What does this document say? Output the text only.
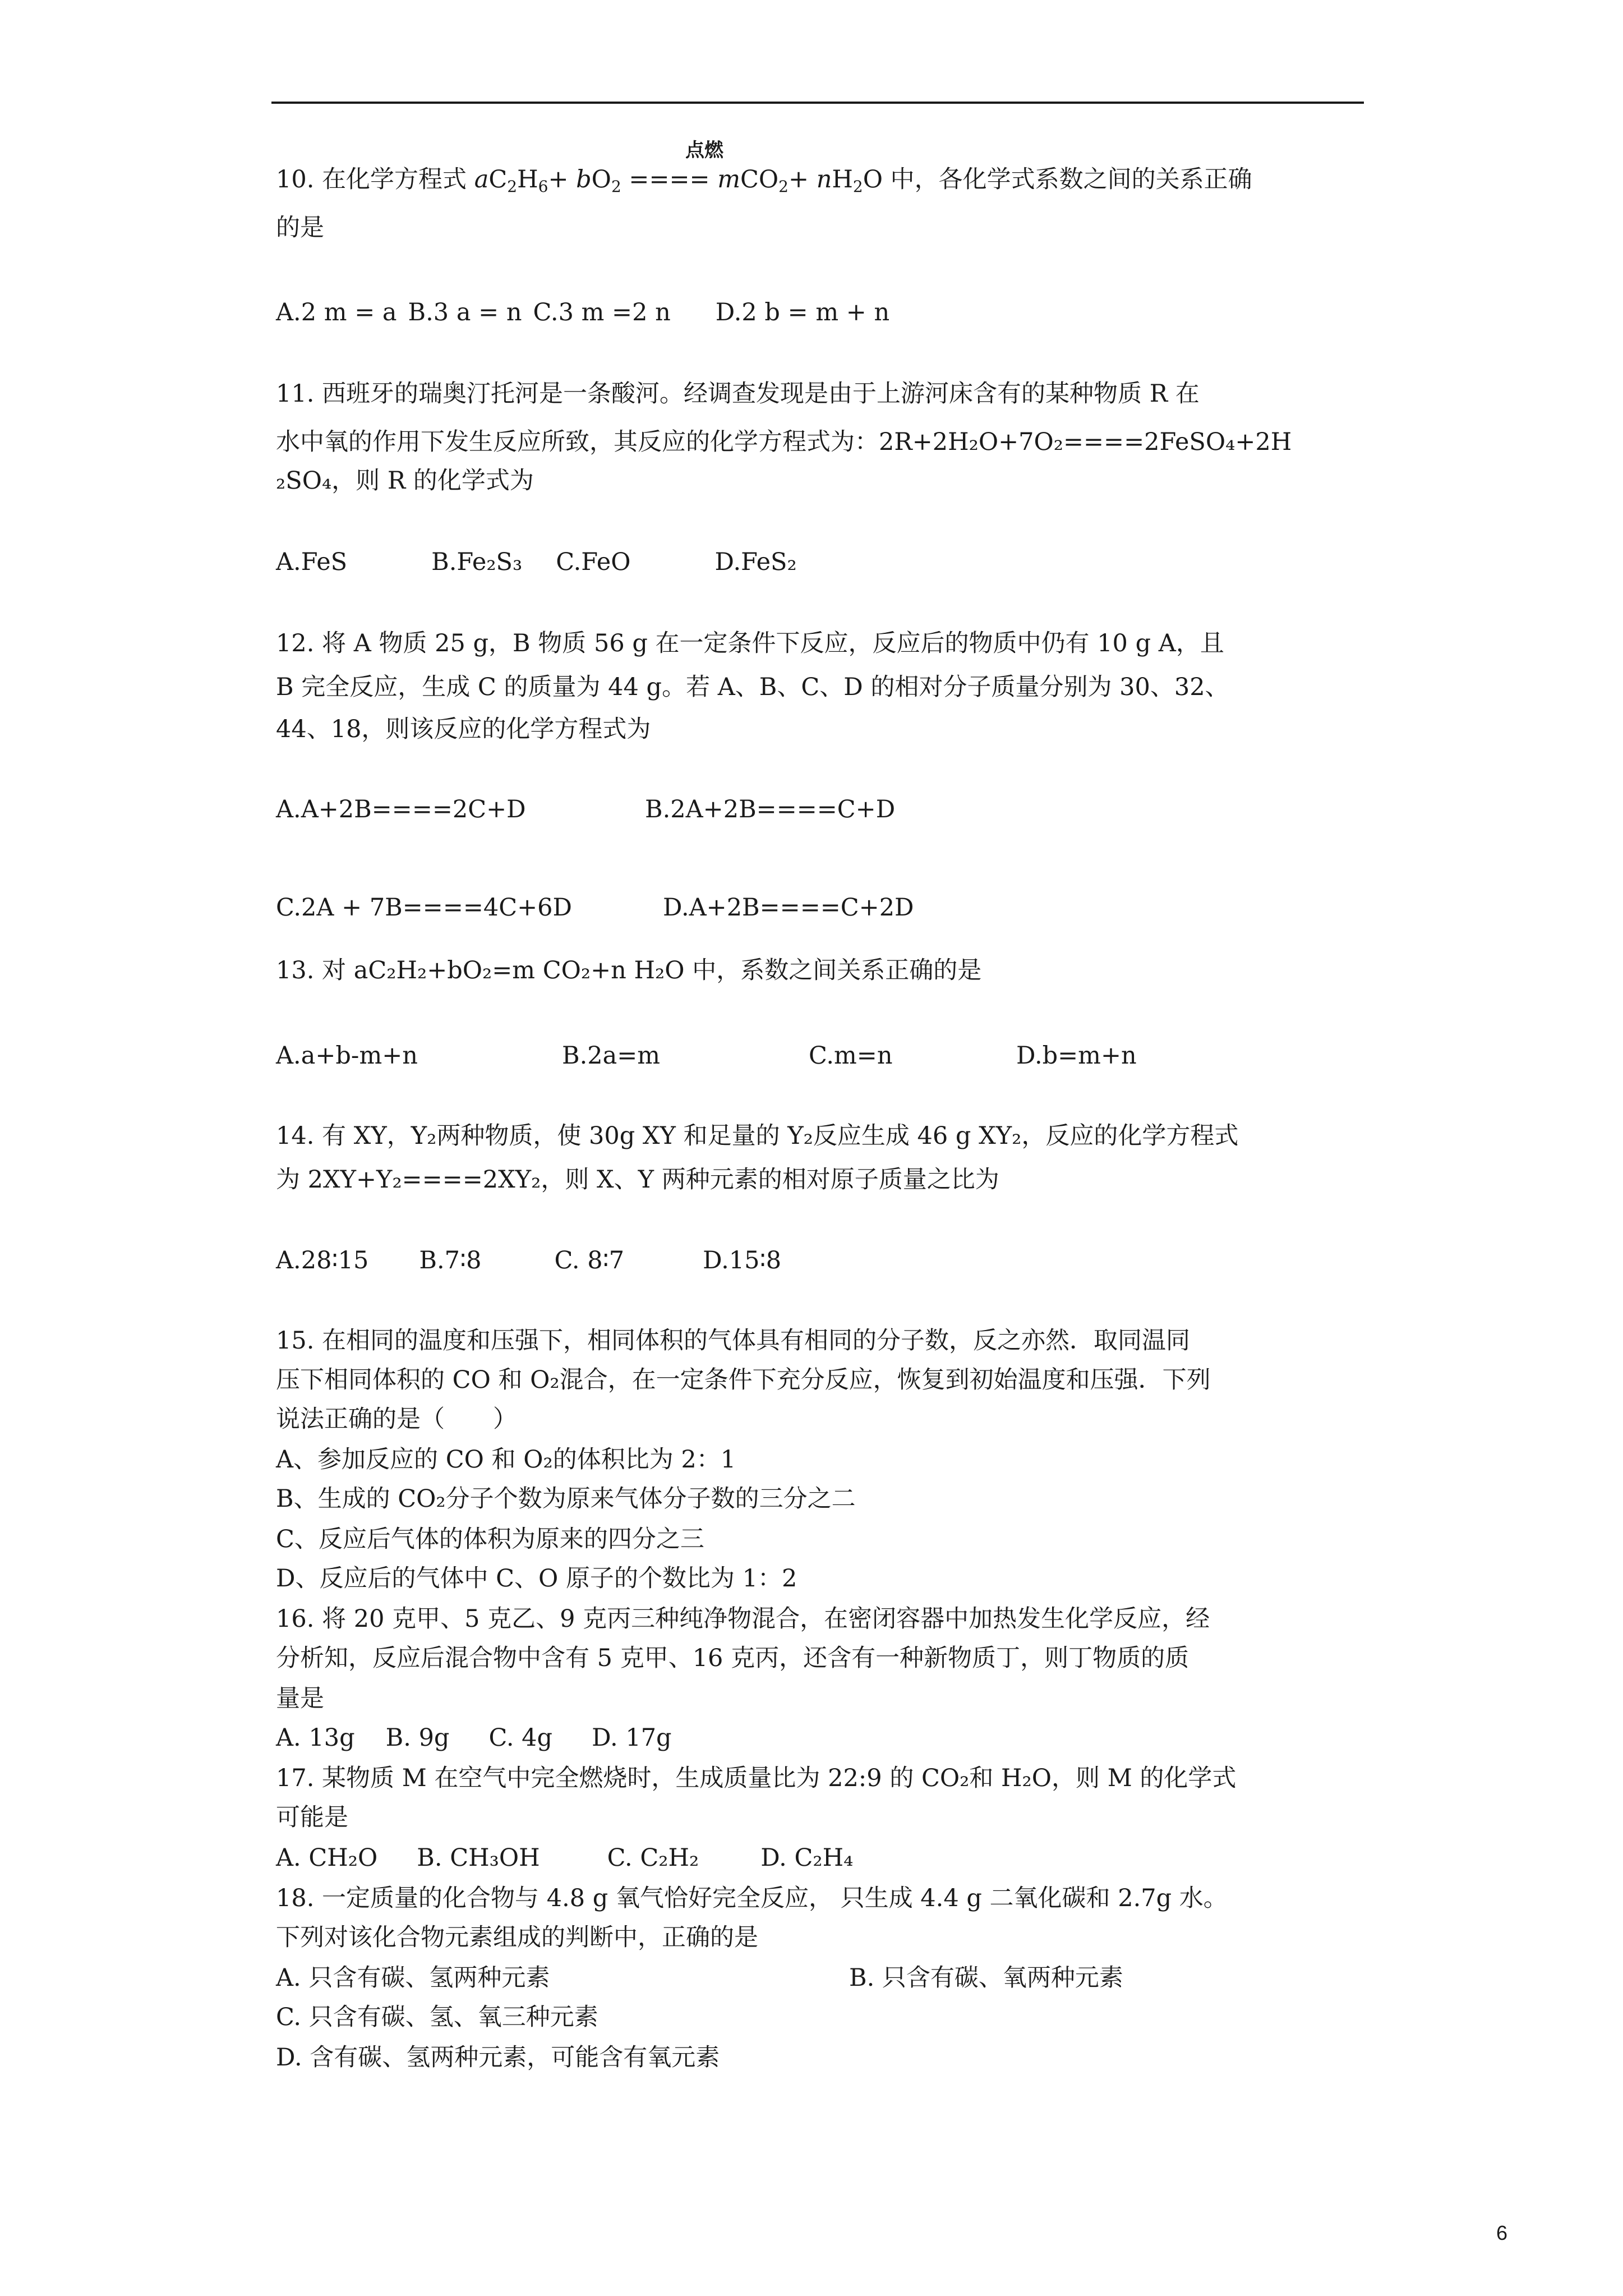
点燃
10. 在化学方程式 $aC_2H_6+ bO_2$ ==== $mCO_2+ nH_2O$ 中，各化学式系数之间的关系正确
的是
A.2 m = a B.3 a = n C.3 m =2 n D.2 b = m + n
11. 西班牙的瑞奥汀托河是一条酸河。经调查发现是由于上游河床含有的某种物质 R 在
水中氧的作用下发生反应所致，其反应的化学方程式为：2R+2H₂O+7O₂====2FeSO₄+2H
₂SO₄，则 R 的化学式为
A.FeS	B.Fe₂S₃ C.FeO	D.FeS₂
12. 将 A 物质 25 g，B 物质 56 g 在一定条件下反应，反应后的物质中仍有 10 g A，且
B 完全反应，生成 C 的质量为 44 g。若 A、B、C、D 的相对分子质量分别为 30、32、
44、18，则该反应的化学方程式为
A.A+2B====2C+D	B.2A+2B====C+D
C.2A + 7B====4C+6D	D.A+2B====C+2D
13. 对 aC₂H₂+bO₂=m CO₂+n H₂O 中，系数之间关系正确的是
A.a+b-m+n	B.2a=m	C.m=n	D.b=m+n
14. 有 XY，Y₂两种物质，使 30g XY 和足量的 Y₂反应生成 46 g XY₂，反应的化学方程式
为 2XY+Y₂====2XY₂，则 X、Y 两种元素的相对原子质量之比为
A.28∶15 B.7∶8	C. 8∶7	D.15∶8
15. 在相同的温度和压强下，相同体积的气体具有相同的分子数，反之亦然．取同温同
压下相同体积的 CO 和 O₂混合，在一定条件下充分反应，恢复到初始温度和压强．下列
说法正确的是（　　）
A、参加反应的 CO 和 O₂的体积比为 2：1
B、生成的 CO₂分子个数为原来气体分子数的三分之二
C、反应后气体的体积为原来的四分之三
D、反应后的气体中 C、O 原子的个数比为 1：2
16. 将 20 克甲、5 克乙、9 克丙三种纯净物混合，在密闭容器中加热发生化学反应，经
分析知，反应后混合物中含有 5 克甲、16 克丙，还含有一种新物质丁，则丁物质的质
量是
A. 13g B. 9g C. 4g D. 17g
17. 某物质 M 在空气中完全燃烧时，生成质量比为 22:9 的 CO₂和 H₂O，则 M 的化学式
可能是
A. CH₂O B. CH₃OH	C. C₂H₂	D. C₂H₄
18. 一定质量的化合物与 4.8 g 氧气恰好完全反应， 只生成 4.4 g 二氧化碳和 2.7g 水。
下列对该化合物元素组成的判断中，正确的是
A. 只含有碳、氢两种元素	B. 只含有碳、氧两种元素
C. 只含有碳、氢、氧三种元素
D. 含有碳、氢两种元素，可能含有氧元素
6
